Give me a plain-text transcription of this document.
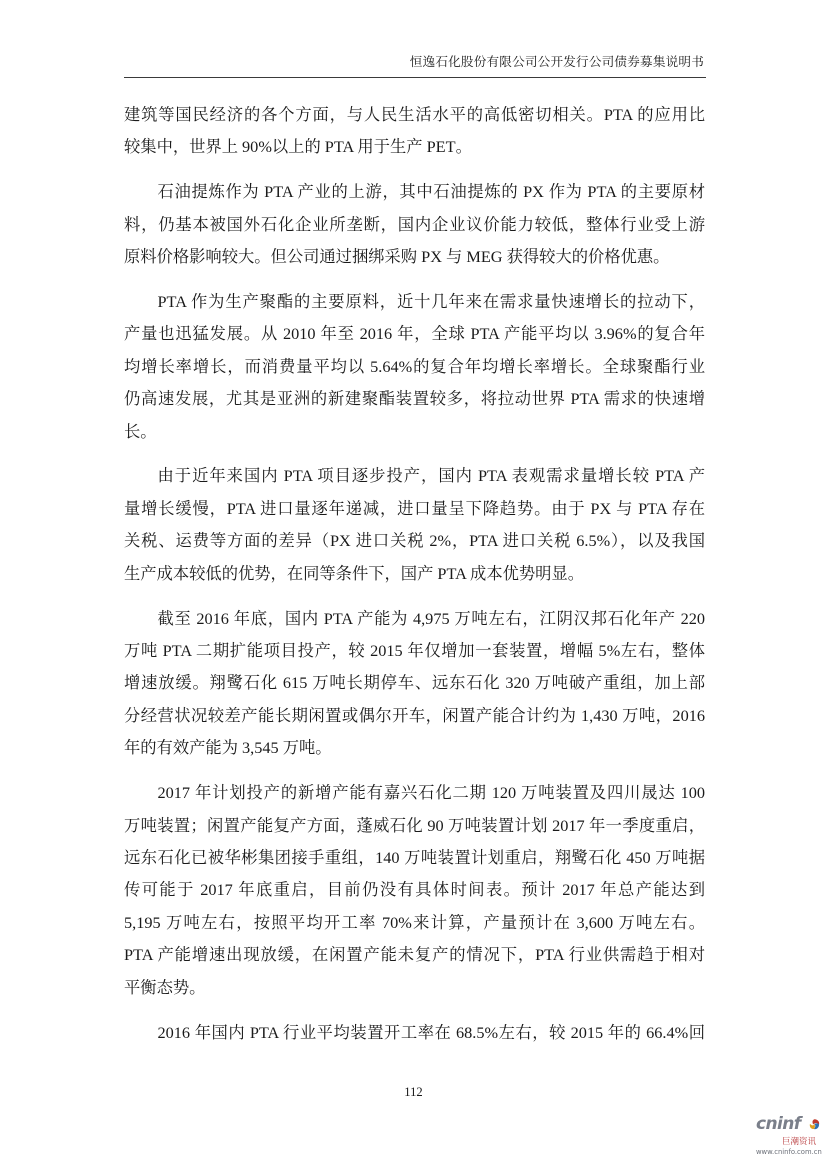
恒逸石化股份有限公司公开发行公司债券募集说明书
建筑等国民经济的各个方面，与人民生活水平的高低密切相关。PTA 的应用比
较集中，世界上 90%以上的 PTA 用于生产 PET。
石油提炼作为 PTA 产业的上游，其中石油提炼的 PX 作为 PTA 的主要原材
料，仍基本被国外石化企业所垄断，国内企业议价能力较低，整体行业受上游
原料价格影响较大。但公司通过捆绑采购 PX 与 MEG 获得较大的价格优惠。
PTA 作为生产聚酯的主要原料，近十几年来在需求量快速增长的拉动下，
产量也迅猛发展。从 2010 年至 2016 年，全球 PTA 产能平均以 3.96%的复合年
均增长率增长，而消费量平均以 5.64%的复合年均增长率增长。全球聚酯行业
仍高速发展，尤其是亚洲的新建聚酯装置较多，将拉动世界 PTA 需求的快速增
长。
由于近年来国内 PTA 项目逐步投产，国内 PTA 表观需求量增长较 PTA 产
量增长缓慢，PTA 进口量逐年递减，进口量呈下降趋势。由于 PX 与 PTA 存在
关税、运费等方面的差异（PX 进口关税 2%，PTA 进口关税 6.5%），以及我国
生产成本较低的优势，在同等条件下，国产 PTA 成本优势明显。
截至 2016 年底，国内 PTA 产能为 4,975 万吨左右，江阴汉邦石化年产 220
万吨 PTA 二期扩能项目投产，较 2015 年仅增加一套装置，增幅 5%左右，整体
增速放缓。翔鹭石化 615 万吨长期停车、远东石化 320 万吨破产重组，加上部
分经营状况较差产能长期闲置或偶尔开车，闲置产能合计约为 1,430 万吨，2016
年的有效产能为 3,545 万吨。
2017 年计划投产的新增产能有嘉兴石化二期 120 万吨装置及四川晟达 100
万吨装置；闲置产能复产方面，蓬威石化 90 万吨装置计划 2017 年一季度重启，
远东石化已被华彬集团接手重组，140 万吨装置计划重启，翔鹭石化 450 万吨据
传可能于 2017 年底重启，目前仍没有具体时间表。预计 2017 年总产能达到
5,195 万吨左右，按照平均开工率 70%来计算，产量预计在 3,600 万吨左右。
PTA 产能增速出现放缓，在闲置产能未复产的情况下，PTA 行业供需趋于相对
平衡态势。
2016 年国内 PTA 行业平均装置开工率在 68.5%左右，较 2015 年的 66.4%回
112
cninf
巨潮资讯
www.cninfo.com.cn
